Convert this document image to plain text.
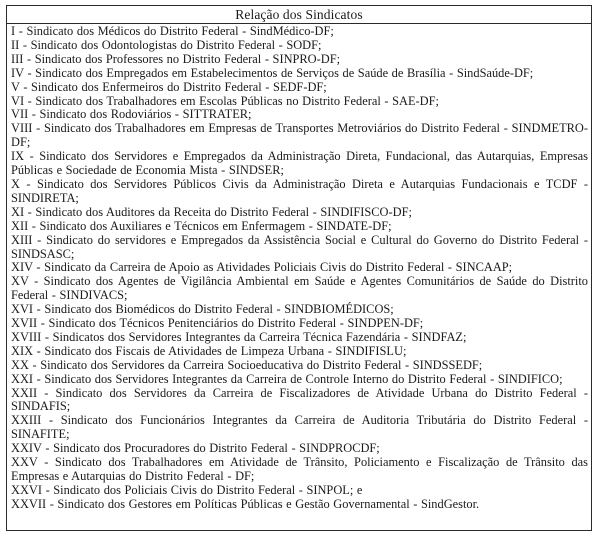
Relação dos Sindicatos
I - Sindicato dos Médicos do Distrito Federal - SindMédico-DF;
II - Sindicato dos Odontologistas do Distrito Federal - SODF;
III - Sindicato dos Professores no Distrito Federal - SINPRO-DF;
IV - Sindicato dos Empregados em Estabelecimentos de Serviços de Saúde de Brasília - SindSaúde-DF;
V - Sindicato dos Enfermeiros do Distrito Federal - SEDF-DF;
VI - Sindicato dos Trabalhadores em Escolas Públicas no Distrito Federal - SAE-DF;
VII - Sindicato dos Rodoviários - SITTRATER;
VIII - Sindicato dos Trabalhadores em Empresas de Transportes Metroviários do Distrito Federal - SINDMETRO-DF;
IX - Sindicato dos Servidores e Empregados da Administração Direta, Fundacional, das Autarquias, Empresas Públicas e Sociedade de Economia Mista - SINDSER;
X - Sindicato dos Servidores Públicos Civis da Administração Direta e Autarquias Fundacionais e TCDF - SINDIRETA;
XI - Sindicato dos Auditores da Receita do Distrito Federal - SINDIFISCO-DF;
XII - Sindicato dos Auxiliares e Técnicos em Enfermagem - SINDATE-DF;
XIII - Sindicato do servidores e Empregados da Assistência Social e Cultural do Governo do Distrito Federal - SINDSASC;
XIV - Sindicato da Carreira de Apoio as Atividades Policiais Civis do Distrito Federal - SINCAAP;
XV - Sindicato dos Agentes de Vigilância Ambiental em Saúde e Agentes Comunitários de Saúde do Distrito Federal - SINDIVACS;
XVI - Sindicato dos Biomédicos do Distrito Federal - SINDBIOMÉDICOS;
XVII - Sindicato dos Técnicos Penitenciários do Distrito Federal - SINDPEN-DF;
XVIII - Sindicatos dos Servidores Integrantes da Carreira Técnica Fazendária - SINDFAZ;
XIX - Sindicato dos Fiscais de Atividades de Limpeza Urbana - SINDIFISLU;
XX - Sindicato dos Servidores da Carreira Socioeducativa do Distrito Federal - SINDSSEDF;
XXI - Sindicato dos Servidores Integrantes da Carreira de Controle Interno do Distrito Federal - SINDIFICO;
XXII - Sindicato dos Servidores da Carreira de Fiscalizadores de Atividade Urbana do Distrito Federal - SINDAFIS;
XXIII - Sindicato dos Funcionários Integrantes da Carreira de Auditoria Tributária do Distrito Federal - SINAFITE;
XXIV - Sindicato dos Procuradores do Distrito Federal - SINDPROCDF;
XXV - Sindicato dos Trabalhadores em Atividade de Trânsito, Policiamento e Fiscalização de Trânsito das Empresas e Autarquias do Distrito Federal - DF;
XXVI - Sindicato dos Policiais Civis do Distrito Federal - SINPOL; e
XXVII - Sindicato dos Gestores em Políticas Públicas e Gestão Governamental - SindGestor.
